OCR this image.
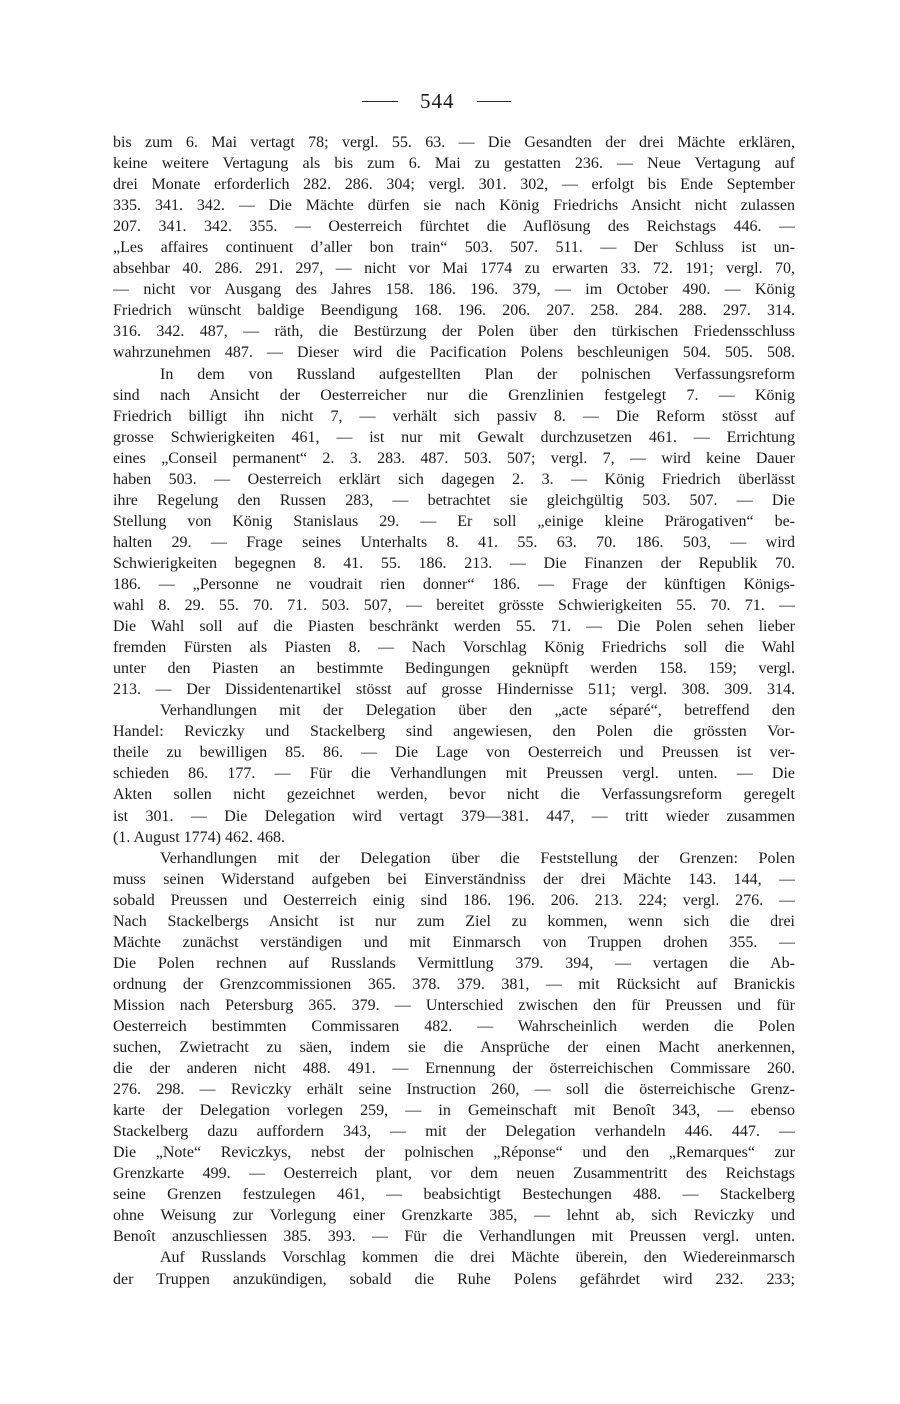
544
bis zum 6. Mai vertagt 78; vergl. 55. 63. — Die Gesandten der drei Mächte erklären,
keine weitere Vertagung als bis zum 6. Mai zu gestatten 236. — Neue Vertagung auf
drei Monate erforderlich 282. 286. 304; vergl. 301. 302, — erfolgt bis Ende September
335. 341. 342. — Die Mächte dürfen sie nach König Friedrichs Ansicht nicht zulassen
207. 341. 342. 355. — Oesterreich fürchtet die Auflösung des Reichstags 446. —
„Les affaires continuent d’aller bon train“ 503. 507. 511. — Der Schluss ist un-
absehbar 40. 286. 291. 297, — nicht vor Mai 1774 zu erwarten 33. 72. 191; vergl. 70,
— nicht vor Ausgang des Jahres 158. 186. 196. 379, — im October 490. — König
Friedrich wünscht baldige Beendigung 168. 196. 206. 207. 258. 284. 288. 297. 314.
316. 342. 487, — räth, die Bestürzung der Polen über den türkischen Friedensschluss
wahrzunehmen 487. — Dieser wird die Pacification Polens beschleunigen 504. 505. 508.
In dem von Russland aufgestellten Plan der polnischen Verfassungsreform
sind nach Ansicht der Oesterreicher nur die Grenzlinien festgelegt 7. — König
Friedrich billigt ihn nicht 7, — verhält sich passiv 8. — Die Reform stösst auf
grosse Schwierigkeiten 461, — ist nur mit Gewalt durchzusetzen 461. — Errichtung
eines „Conseil permanent“ 2. 3. 283. 487. 503. 507; vergl. 7, — wird keine Dauer
haben 503. — Oesterreich erklärt sich dagegen 2. 3. — König Friedrich überlässt
ihre Regelung den Russen 283, — betrachtet sie gleichgültig 503. 507. — Die
Stellung von König Stanislaus 29. — Er soll „einige kleine Prärogativen“ be-
halten 29. — Frage seines Unterhalts 8. 41. 55. 63. 70. 186. 503, — wird
Schwierigkeiten begegnen 8. 41. 55. 186. 213. — Die Finanzen der Republik 70.
186. — „Personne ne voudrait rien donner“ 186. — Frage der künftigen Königs-
wahl 8. 29. 55. 70. 71. 503. 507, — bereitet grösste Schwierigkeiten 55. 70. 71. —
Die Wahl soll auf die Piasten beschränkt werden 55. 71. — Die Polen sehen lieber
fremden Fürsten als Piasten 8. — Nach Vorschlag König Friedrichs soll die Wahl
unter den Piasten an bestimmte Bedingungen geknüpft werden 158. 159; vergl.
213. — Der Dissidentenartikel stösst auf grosse Hindernisse 511; vergl. 308. 309. 314.
Verhandlungen mit der Delegation über den „acte séparé“, betreffend den
Handel: Reviczky und Stackelberg sind angewiesen, den Polen die grössten Vor-
theile zu bewilligen 85. 86. — Die Lage von Oesterreich und Preussen ist ver-
schieden 86. 177. — Für die Verhandlungen mit Preussen vergl. unten. — Die
Akten sollen nicht gezeichnet werden, bevor nicht die Verfassungsreform geregelt
ist 301. — Die Delegation wird vertagt 379—381. 447, — tritt wieder zusammen
(1. August 1774) 462. 468.
Verhandlungen mit der Delegation über die Feststellung der Grenzen: Polen
muss seinen Widerstand aufgeben bei Einverständniss der drei Mächte 143. 144, —
sobald Preussen und Oesterreich einig sind 186. 196. 206. 213. 224; vergl. 276. —
Nach Stackelbergs Ansicht ist nur zum Ziel zu kommen, wenn sich die drei
Mächte zunächst verständigen und mit Einmarsch von Truppen drohen 355. —
Die Polen rechnen auf Russlands Vermittlung 379. 394, — vertagen die Ab-
ordnung der Grenzcommissionen 365. 378. 379. 381, — mit Rücksicht auf Branickis
Mission nach Petersburg 365. 379. — Unterschied zwischen den für Preussen und für
Oesterreich bestimmten Commissaren 482. — Wahrscheinlich werden die Polen
suchen, Zwietracht zu säen, indem sie die Ansprüche der einen Macht anerkennen,
die der anderen nicht 488. 491. — Ernennung der österreichischen Commissare 260.
276. 298. — Reviczky erhält seine Instruction 260, — soll die österreichische Grenz-
karte der Delegation vorlegen 259, — in Gemeinschaft mit Benoît 343, — ebenso
Stackelberg dazu auffordern 343, — mit der Delegation verhandeln 446. 447. —
Die „Note“ Reviczkys, nebst der polnischen „Réponse“ und den „Remarques“ zur
Grenzkarte 499. — Oesterreich plant, vor dem neuen Zusammentritt des Reichstags
seine Grenzen festzulegen 461, — beabsichtigt Bestechungen 488. — Stackelberg
ohne Weisung zur Vorlegung einer Grenzkarte 385, — lehnt ab, sich Reviczky und
Benoît anzuschliessen 385. 393. — Für die Verhandlungen mit Preussen vergl. unten.
Auf Russlands Vorschlag kommen die drei Mächte überein, den Wiedereinmarsch
der Truppen anzukündigen, sobald die Ruhe Polens gefährdet wird 232. 233;
